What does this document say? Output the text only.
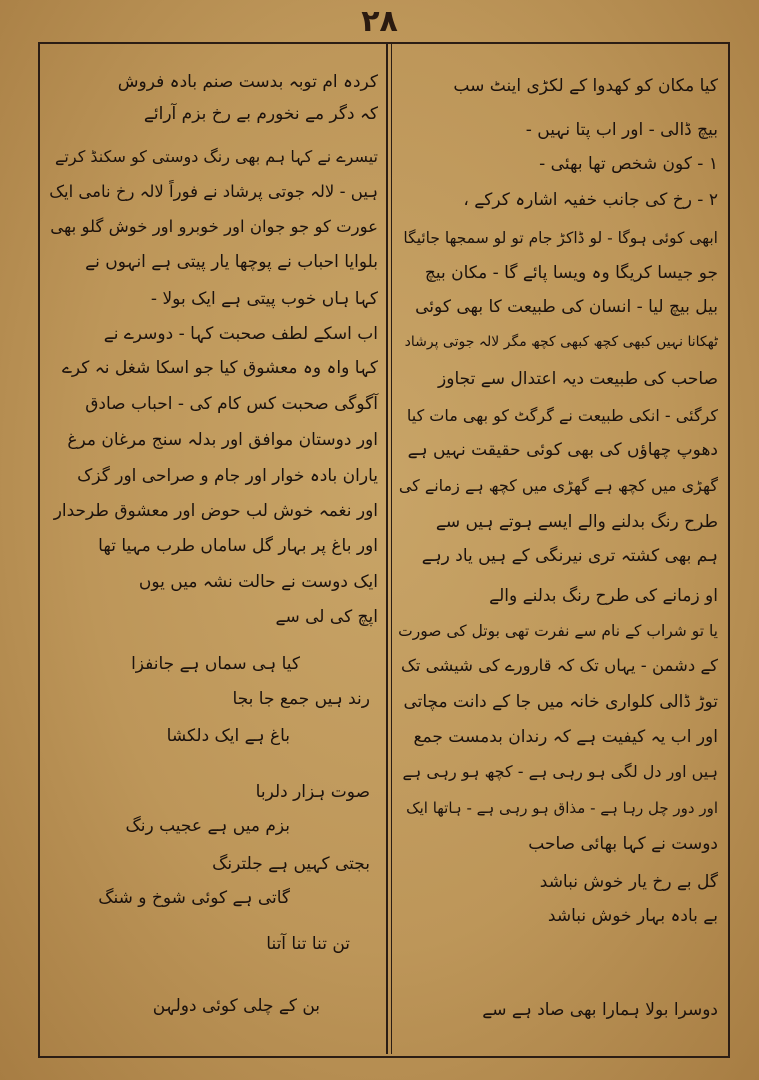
۲۸
کیا مکان کو کھدوا کے لکڑی اینٹ سب
بیچ ڈالی - اور اب پتا نہیں -
۱ - کون شخص تھا بھئی -
۲ - رخ کی جانب خفیہ اشارہ کرکے ،
ابھی کوئی ہوگا - لو ڈاکڑ جام تو لو سمجھا جائیگا
جو جیسا کریگا وہ ویسا پائے گا - مکان بیچ
بیل بیچ لیا - انسان کی طبیعت کا بھی کوئی
ٹھکانا نہیں کبھی کچھ کبھی کچھ مگر لالہ جوتی پرشاد
صاحب کی طبیعت دیہ اعتدال سے تجاوز
کرگئی - انکی طبیعت نے گرگٹ کو بھی مات کیا
دھوپ چھاؤں کی بھی کوئی حقیقت نہیں ہے
گھڑی میں کچھ ہے گھڑی میں کچھ ہے زمانے کی
طرح رنگ بدلنے والے ایسے ہوتے ہیں سے
ہم بھی کشتہ تری نیرنگی کے ہیں یاد رہے
او زمانے کی طرح رنگ بدلنے والے
یا تو شراب کے نام سے نفرت تھی بوتل کی صورت
کے دشمن - یہاں تک کہ قارورے کی شیشی تک
توڑ ڈالی کلواری خانہ میں جا کے دانت مچاتی
اور اب یہ کیفیت ہے کہ رندان بدمست جمع
ہیں اور دل لگی ہو رہی ہے - کچھ ہو رہی ہے
اور دور چل رہا ہے - مذاق ہو رہی ہے - ہاتھا ایک
دوست نے کہا بھائی صاحب
گل بے رخ یار خوش نباشد
بے بادہ بہار خوش نباشد
دوسرا بولا ہمارا بھی صاد ہے سے
کردہ ام توبہ بدست صنم بادہ فروش
کہ دگر مے نخورم بے رخ بزم آرائے
تیسرے نے کہا ہم بھی رنگ دوستی کو سکنڈ کرتے
ہیں - لالہ جوتی پرشاد نے فوراً لالہ رخ نامی ایک
عورت کو جو جوان اور خوبرو اور خوش گلو بھی
بلوایا احباب نے پوچھا یار پیتی ہے انہوں نے
کہا ہاں خوب پیتی ہے ایک بولا -
اب اسکے لطف صحبت کہا - دوسرے نے
کہا واہ وہ معشوق کیا جو اسکا شغل نہ کرے
آگوگی صحبت کس کام کی - احباب صادق
اور دوستان موافق اور بدلہ سنج مرغان مرغ
یاران بادہ خوار اور جام و صراحی اور گزک
اور نغمہ خوش لب حوض اور معشوق طرحدار
اور باغ پر بہار گل ساماں طرب مہیا تھا
ایک دوست نے حالت نشہ میں یوں
اپچ کی لی سے
کیا ہی سماں ہے جانفزا
رند ہیں جمع جا بجا
باغ ہے ایک دلکشا
صوت ہزار دلربا
بزم میں ہے عجیب رنگ
بجتی کہیں ہے جلترنگ
گاتی ہے کوئی شوخ و شنگ
تن تنا تنا آتنا
بن کے چلی کوئی دولہن
